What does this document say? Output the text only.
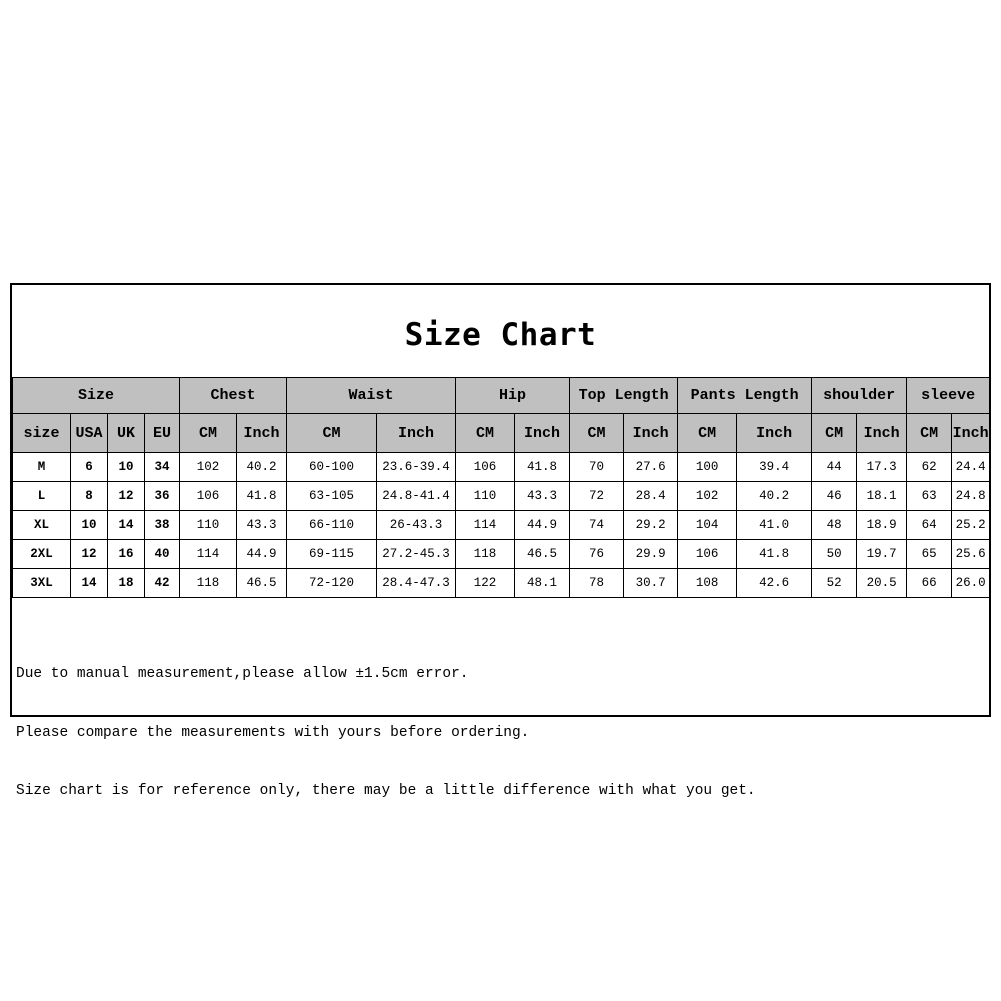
Size Chart
Size				Chest		Waist		Hip		Top Length		Pants Length		shoulder		sleeve	
size	USA	UK	EU	CM	Inch	CM	Inch	CM	Inch	CM	Inch	CM	Inch	CM	Inch	CM	Inch
M	6	10	34	102	40.2	60-100	23.6-39.4	106	41.8	70	27.6	100	39.4	44	17.3	62	24.4
L	8	12	36	106	41.8	63-105	24.8-41.4	110	43.3	72	28.4	102	40.2	46	18.1	63	24.8
XL	10	14	38	110	43.3	66-110	26-43.3	114	44.9	74	29.2	104	41.0	48	18.9	64	25.2
2XL	12	16	40	114	44.9	69-115	27.2-45.3	118	46.5	76	29.9	106	41.8	50	19.7	65	25.6
3XL	14	18	42	118	46.5	72-120	28.4-47.3	122	48.1	78	30.7	108	42.6	52	20.5	66	26.0

Due to manual measurement,please allow ±1.5cm error.

Please compare the measurements with yours before ordering.

Size chart is for reference only, there may be a little difference with what you get.
